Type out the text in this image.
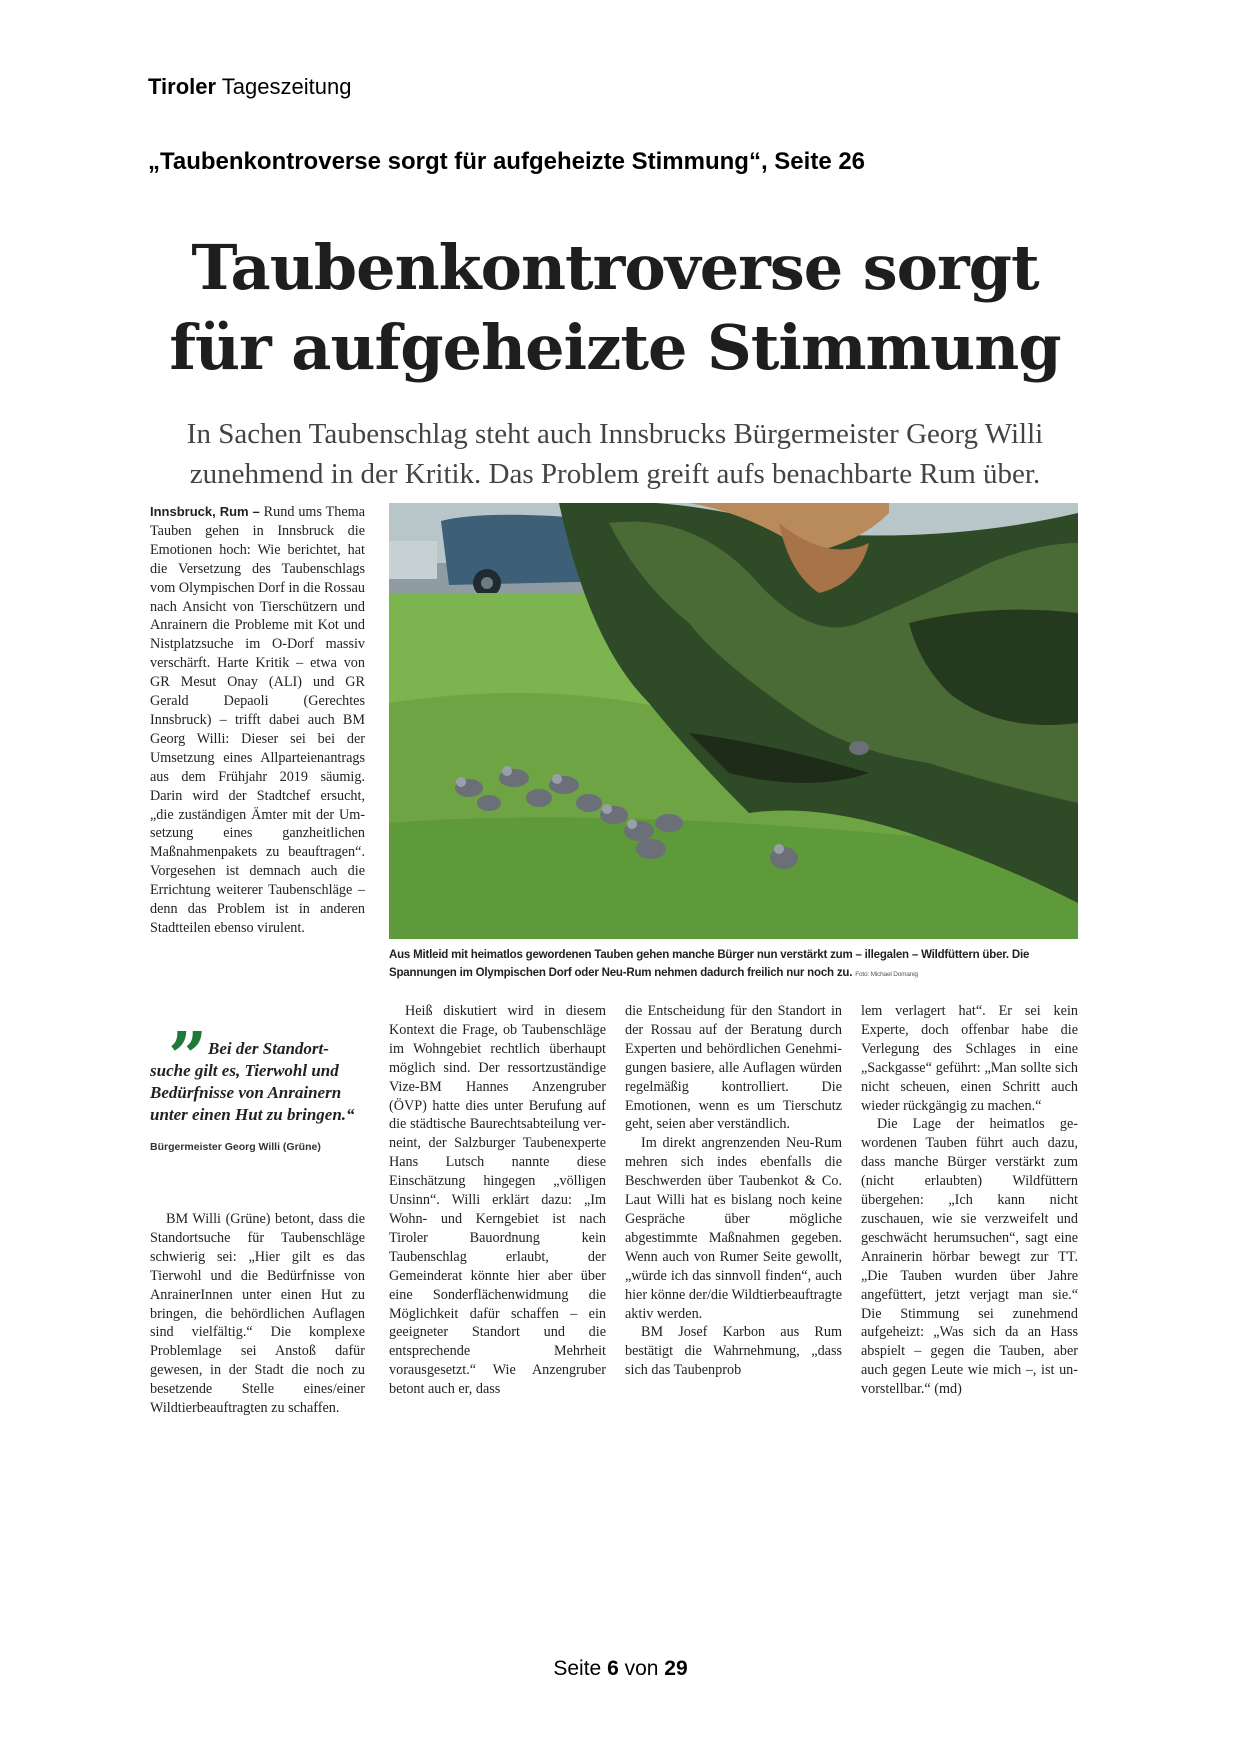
Tiroler Tageszeitung
„Taubenkontroverse sorgt für aufgeheizte Stimmung“, Seite 26
Taubenkontroverse sorgt
für aufgeheizte Stimmung
In Sachen Taubenschlag steht auch Innsbrucks Bürgermeister Georg Willi
zunehmend in der Kritik. Das Problem greift aufs benachbarte Rum über.

Innsbruck, Rum – Rund ums Thema Tauben gehen in Innsbruck die Emotionen hoch: Wie berichtet, hat die Versetzung des Taubenschlags vom Olympischen Dorf in die Rossau nach Ansicht von Tierschützern und Anrainern die Probleme mit Kot und Nistplatzsuche im O-Dorf massiv verschärft. Harte Kritik – etwa von GR Mesut Onay (ALI) und GR Gerald Depaoli (Gerechtes Innsbruck) – trifft dabei auch BM Georg Willi: Dieser sei bei der Umsetzung eines Allparteienantrags aus dem Frühjahr 2019 säumig. Darin wird der Stadtchef ersucht, „die zuständigen Ämter mit der Umsetzung eines ganzheitlichen Maßnahmenpakets zu beauftragen“. Vorgesehen ist demnach auch die Errichtung weiterer Taubenschläge – denn das Problem ist in anderen Stadtteilen ebenso virulent.

” Bei der Standortsuche gilt es, Tierwohl und Bedürfnisse von Anrainern unter einen Hut zu bringen.“
Bürgermeister Georg Willi (Grüne)

BM Willi (Grüne) betont, dass die Standortsuche für Taubenschläge schwierig sei: „Hier gilt es das Tierwohl und die Bedürfnisse von AnrainerInnen unter einen Hut zu bringen, die behördlichen Auflagen sind vielfältig.“ Die komplexe Problemlage sei Anstoß dafür gewesen, in der Stadt die noch zu besetzende Stelle eines/einer Wildtierbeauftragten zu schaffen.

Aus Mitleid mit heimatlos gewordenen Tauben gehen manche Bürger nun verstärkt zum – illegalen – Wildfüttern über. Die Spannungen im Olympischen Dorf oder Neu-Rum nehmen dadurch freilich nur noch zu. Foto: Michael Domanig

Heiß diskutiert wird in diesem Kontext die Frage, ob Taubenschläge im Wohngebiet rechtlich überhaupt möglich sind. Der ressortzuständige Vize-BM Hannes Anzengruber (ÖVP) hatte dies unter Berufung auf die städtische Baurechtsabteilung verneint, der Salzburger Taubenexperte Hans Lutsch nannte diese Einschätzung hingegen „völligen Unsinn“. Willi erklärt dazu: „Im Wohn- und Kerngebiet ist nach Tiroler Bauordnung kein Taubenschlag erlaubt, der Gemeinderat könnte hier aber über eine Sonderflächenwidmung die Möglichkeit dafür schaffen – ein geeigneter Standort und die entsprechende Mehrheit vorausgesetzt.“ Wie Anzengruber betont auch er, dass

die Entscheidung für den Standort in der Rossau auf der Beratung durch Experten und behördlichen Genehmigungen basiere, alle Auflagen würden regelmäßig kontrolliert. Die Emotionen, wenn es um Tierschutz geht, seien aber verständlich.

Im direkt angrenzenden Neu-Rum mehren sich indes ebenfalls die Beschwerden über Taubenkot & Co. Laut Willi hat es bislang noch keine Gespräche über mögliche abgestimmte Maßnahmen gegeben. Wenn auch von Rumer Seite gewollt, „würde ich das sinnvoll finden“, auch hier könne der/die Wildtierbeauftragte aktiv werden.

BM Josef Karbon aus Rum bestätigt die Wahrnehmung, „dass sich das Taubenprob

lem verlagert hat“. Er sei kein Experte, doch offenbar habe die Verlegung des Schlages in eine „Sackgasse“ geführt: „Man sollte sich nicht scheuen, einen Schritt auch wieder rückgängig zu machen.“

Die Lage der heimatlos gewordenen Tauben führt auch dazu, dass manche Bürger verstärkt zum (nicht erlaubten) Wildfüttern übergehen: „Ich kann nicht zuschauen, wie sie verzweifelt und geschwächt herumsuchen“, sagt eine Anrainerin hörbar bewegt zur TT. „Die Tauben wurden über Jahre angefüttert, jetzt verjagt man sie.“ Die Stimmung sei zunehmend aufgeheizt: „Was sich da an Hass abspielt – gegen die Tauben, aber auch gegen Leute wie mich –, ist unvorstellbar.“ (md)

Seite 6 von 29
